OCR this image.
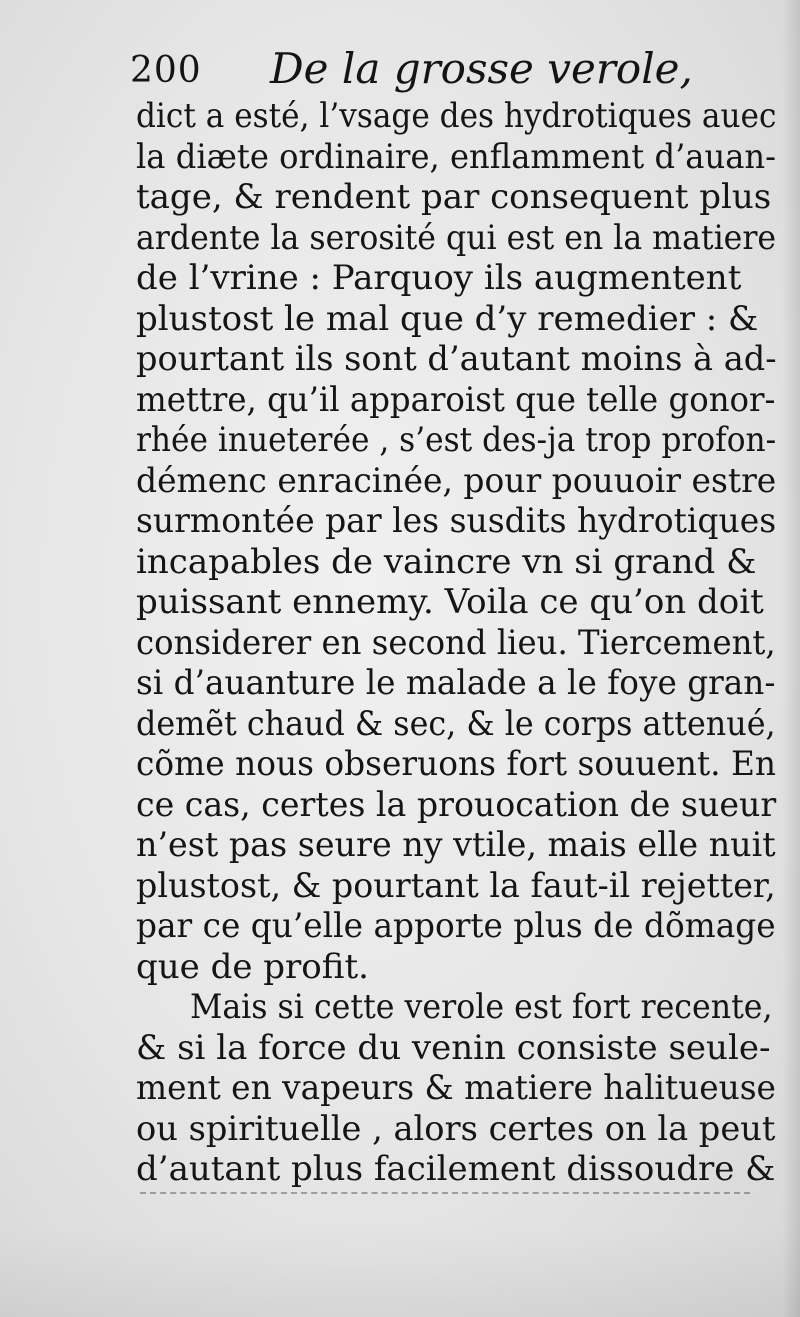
200 De la grosse verole,
dict a esté, l’vsage des hydrotiques auec
la diæte ordinaire, enflamment d’auan-
tage, & rendent par consequent plus
ardente la serosité qui est en la matiere
de l’vrine : Parquoy ils augmentent
plustost le mal que d’y remedier : &
pourtant ils sont d’autant moins à ad-
mettre, qu’il apparoist que telle gonor-
rhée inueterée , s’est des-ja trop profon-
démenc enracinée, pour pouuoir estre
surmontée par les susdits hydrotiques
incapables de vaincre vn si grand &
puissant ennemy. Voila ce qu’on doit
considerer en second lieu. Tiercement,
si d’auanture le malade a le foye gran-
demẽt chaud & sec, & le corps attenué,
cõme nous obseruons fort souuent. En
ce cas, certes la prouocation de sueur
n’est pas seure ny vtile, mais elle nuit
plustost, & pourtant la faut-il rejetter,
par ce qu’elle apporte plus de dõmage
que de profit.
Mais si cette verole est fort recente,
& si la force du venin consiste seule-
ment en vapeurs & matiere halitueuse
ou spirituelle , alors certes on la peut
d’autant plus facilement dissoudre &
